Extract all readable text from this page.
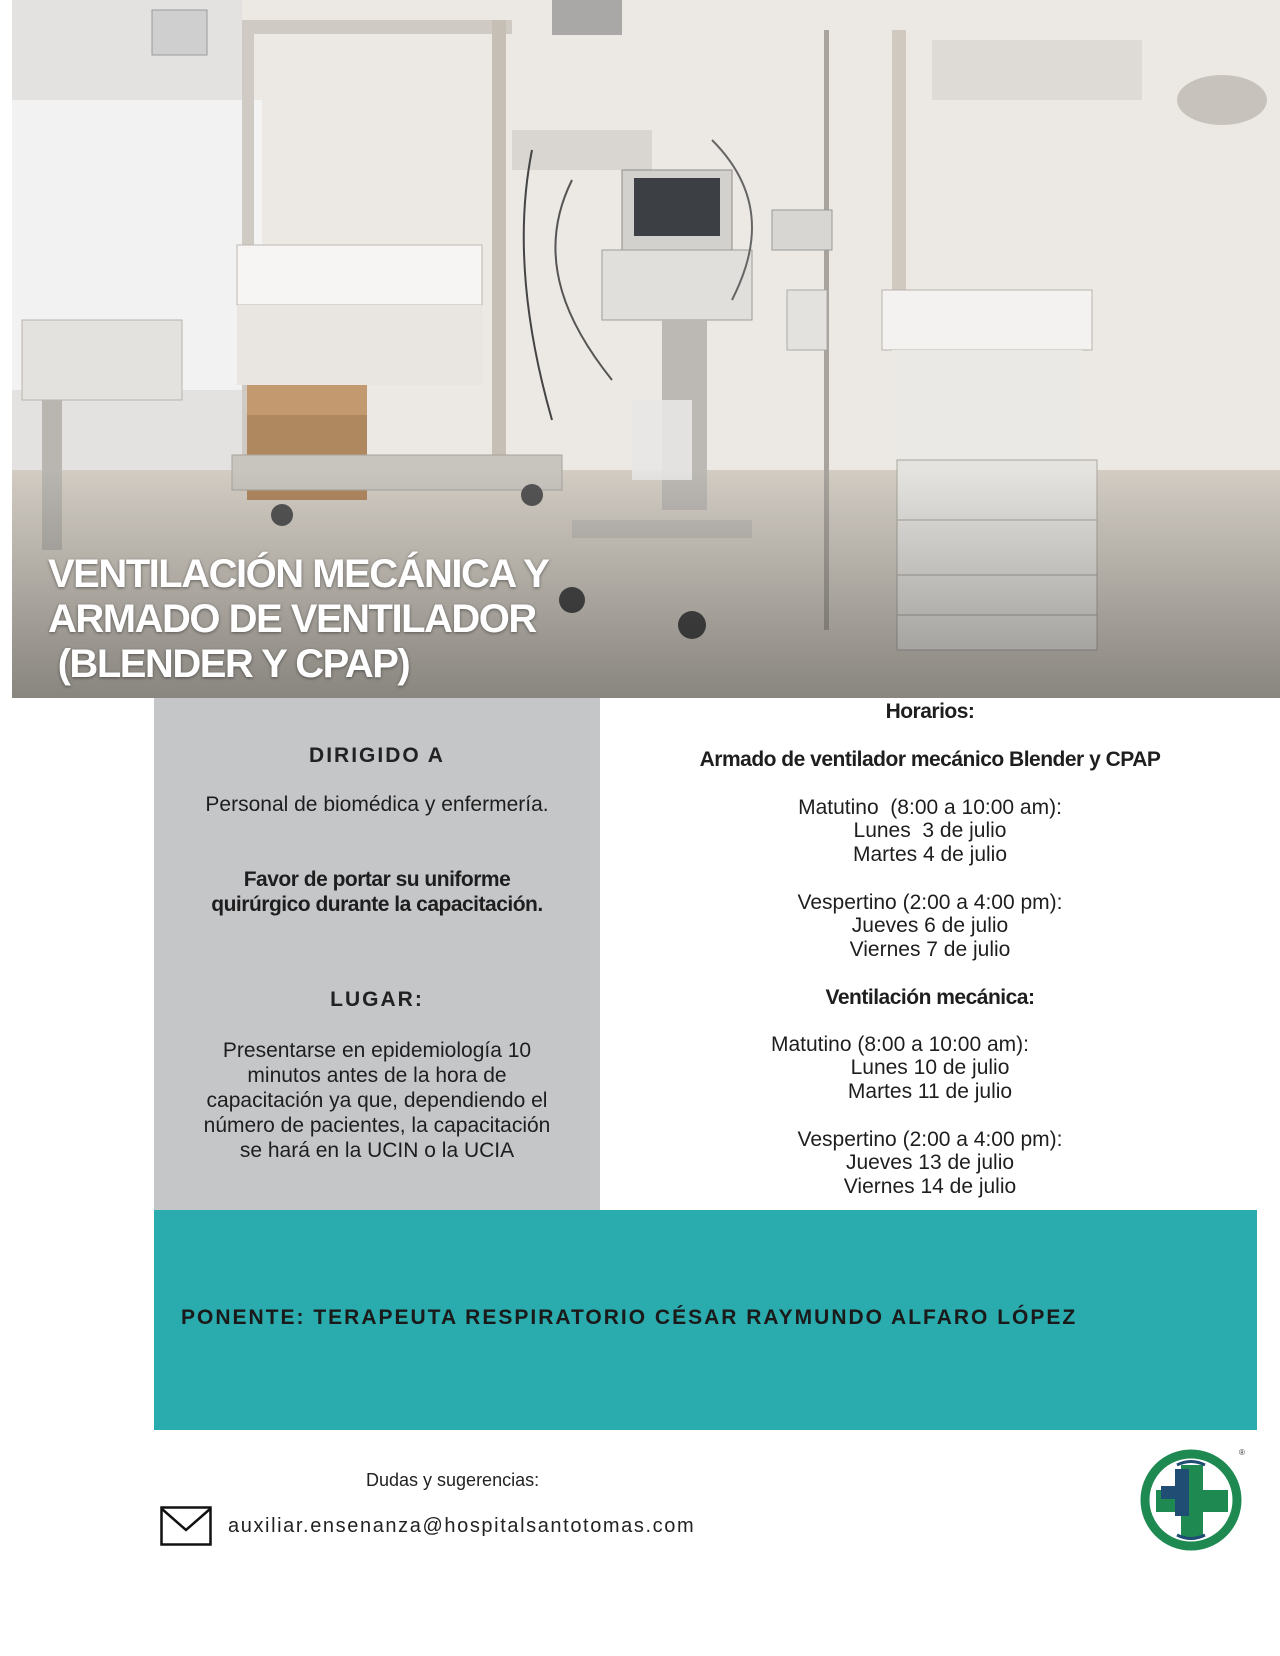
VENTILACIÓN MECÁNICA Y
ARMADO DE VENTILADOR
(BLENDER Y CPAP)
DIRIGIDO A
Personal de biomédica y enfermería.
Favor de portar su uniforme quirúrgico durante la capacitación.
LUGAR:
Presentarse en epidemiología 10 minutos antes de la hora de capacitación ya que, dependiendo el número de pacientes, la capacitación se hará en la UCIN o la UCIA
Horarios:
Armado de ventilador mecánico Blender y CPAP
Matutino  (8:00 a 10:00 am):
Lunes  3 de julio
Martes 4 de julio
Vespertino (2:00 a 4:00 pm):
Jueves 6 de julio
Viernes 7 de julio
Ventilación mecánica:
Matutino (8:00 a 10:00 am):
Lunes 10 de julio
Martes 11 de julio
Vespertino (2:00 a 4:00 pm):
Jueves 13 de julio
Viernes 14 de julio
PONENTE: TERAPEUTA RESPIRATORIO CÉSAR RAYMUNDO ALFARO LÓPEZ
Dudas y sugerencias:
auxiliar.ensenanza@hospitalsantotomas.com
®
